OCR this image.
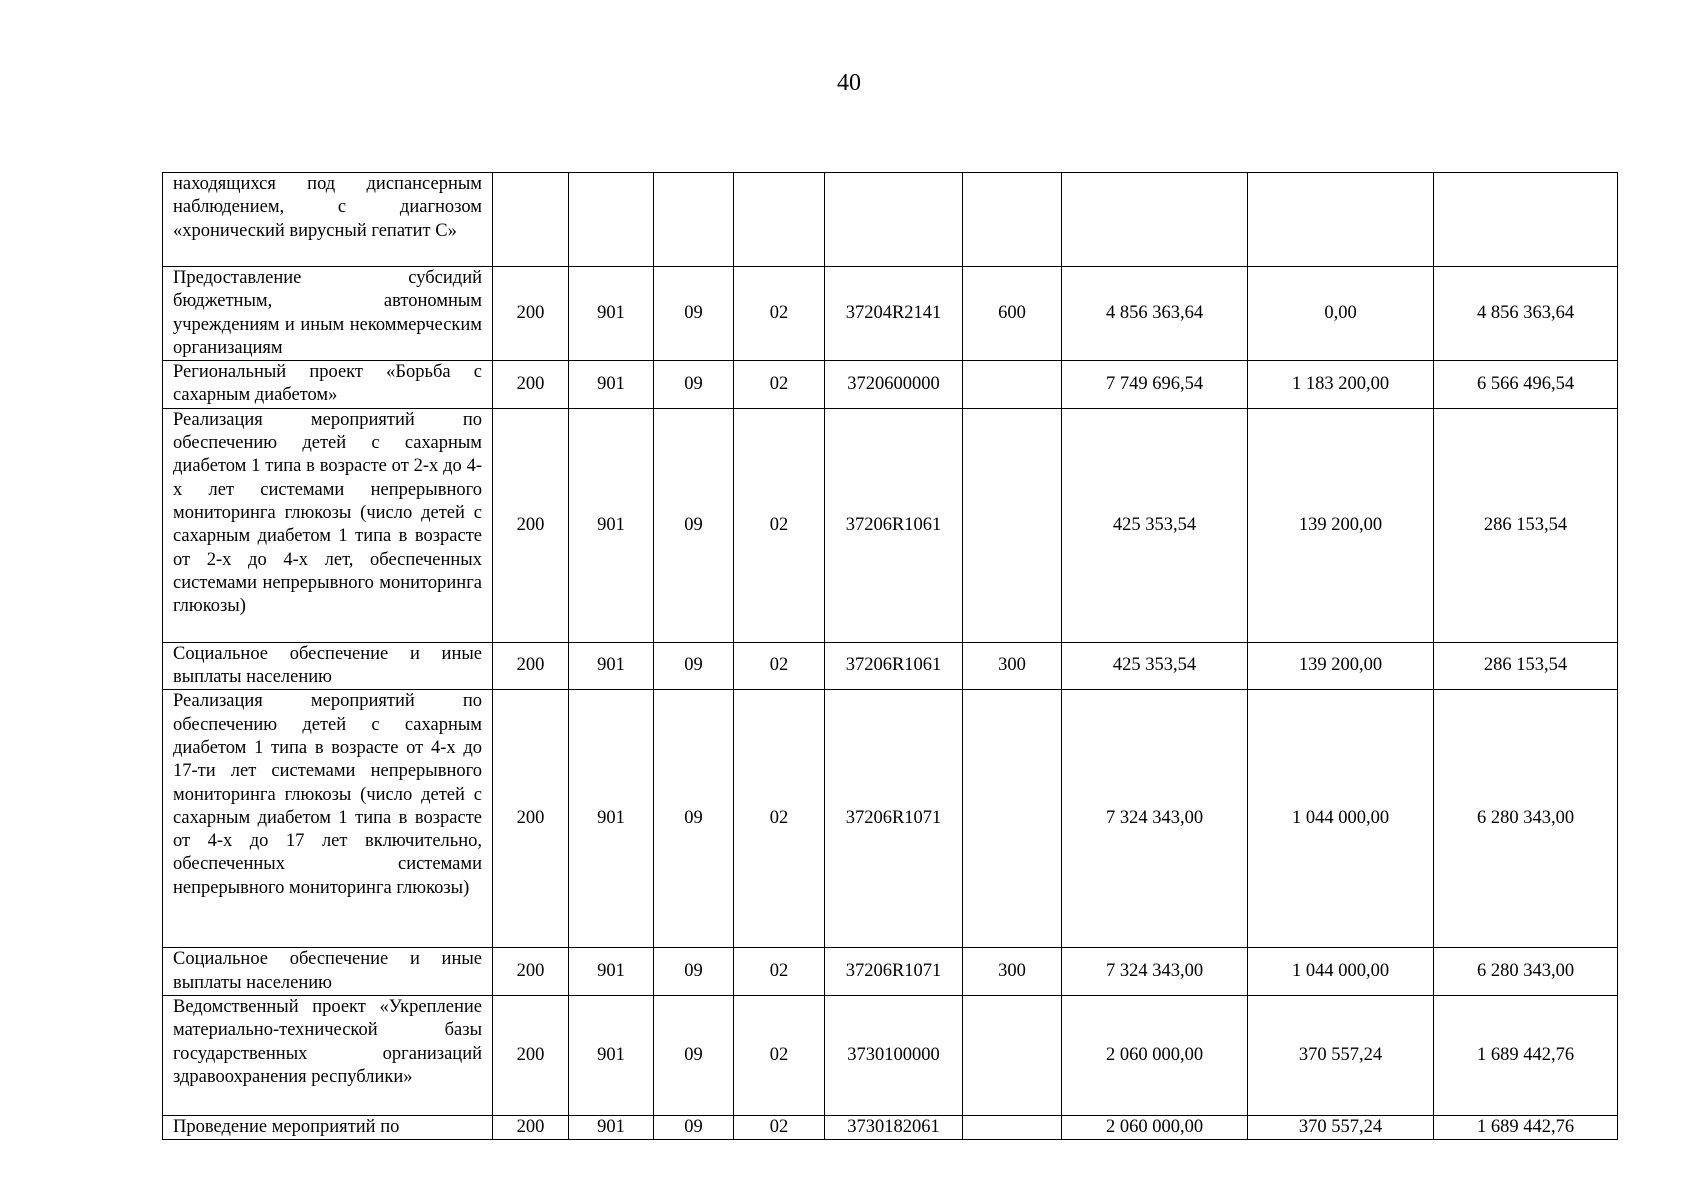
40
находящихся под диспансерным наблюдением, с диагнозом «хронический вирусный гепатит С»									
Предоставление субсидий бюджетным, автономным учреждениям и иным некоммерческим организациям	200	901	09	02	37204R2141	600	4 856 363,64	0,00	4 856 363,64
Региональный проект «Борьба с сахарным диабетом»	200	901	09	02	3720600000		7 749 696,54	1 183 200,00	6 566 496,54
Реализация мероприятий по обеспечению детей с сахарным диабетом 1 типа в возрасте от 2-х до 4-х лет системами непрерывного мониторинга глюкозы (число детей с сахарным диабетом 1 типа в возрасте от 2-х до 4-х лет, обеспеченных системами непрерывного мониторинга глюкозы)	200	901	09	02	37206R1061		425 353,54	139 200,00	286 153,54
Социальное обеспечение и иные выплаты населению	200	901	09	02	37206R1061	300	425 353,54	139 200,00	286 153,54
Реализация мероприятий по обеспечению детей с сахарным диабетом 1 типа в возрасте от 4-х до 17-ти лет системами непрерывного мониторинга глюкозы (число детей с сахарным диабетом 1 типа в возрасте от 4-х до 17 лет включительно, обеспеченных системами непрерывного мониторинга глюкозы)	200	901	09	02	37206R1071		7 324 343,00	1 044 000,00	6 280 343,00
Социальное обеспечение и иные выплаты населению	200	901	09	02	37206R1071	300	7 324 343,00	1 044 000,00	6 280 343,00
Ведомственный проект «Укрепление материально-технической базы государственных организаций здравоохранения республики»	200	901	09	02	3730100000		2 060 000,00	370 557,24	1 689 442,76
Проведение мероприятий по	200	901	09	02	3730182061		2 060 000,00	370 557,24	1 689 442,76
